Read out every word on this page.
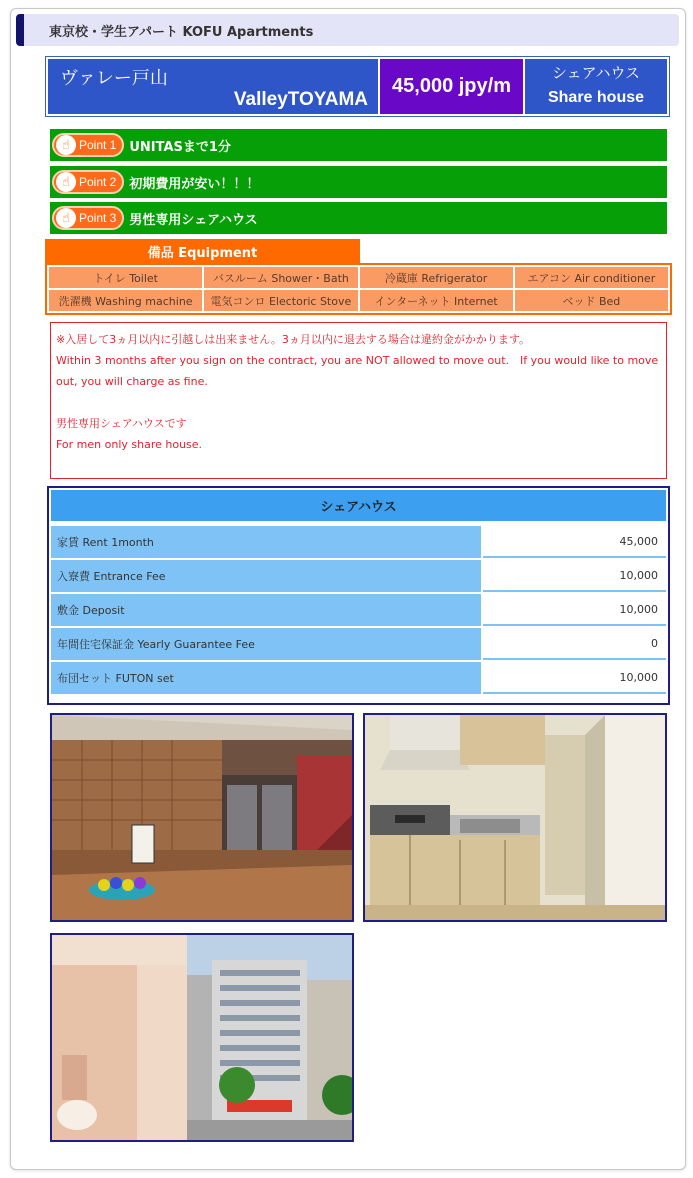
東京校・学生アパート KOFU Apartments
ヴァレー戸山
ValleyTOYAMA
45,000 jpy/m
シェアハウス
Share house
☝ Point 1 UNITASまで1分
☝ Point 2 初期費用が安い！！！
☝ Point 3 男性専用シェアハウス
備品 Equipment
トイレ Toilet	バスルーム Shower・Bath	冷蔵庫 Refrigerator	エアコン Air conditioner
洗濯機 Washing machine	電気コンロ Electoric Stove	インターネット Internet	ベッド Bed
※入居して3ヵ月以内に引越しは出来ません。3ヵ月以内に退去する場合は違約金がかかります。
Within 3 months after you sign on the contract, you are NOT allowed to move out.　If you would like to move out, you will charge as fine.
男性専用シェアハウスです
For men only share house.
シェアハウス
家賃 Rent 1month	45,000
入寮費 Entrance Fee	10,000
敷金 Deposit	10,000
年間住宅保証金 Yearly Guarantee Fee	0
布団セット FUTON set	10,000
